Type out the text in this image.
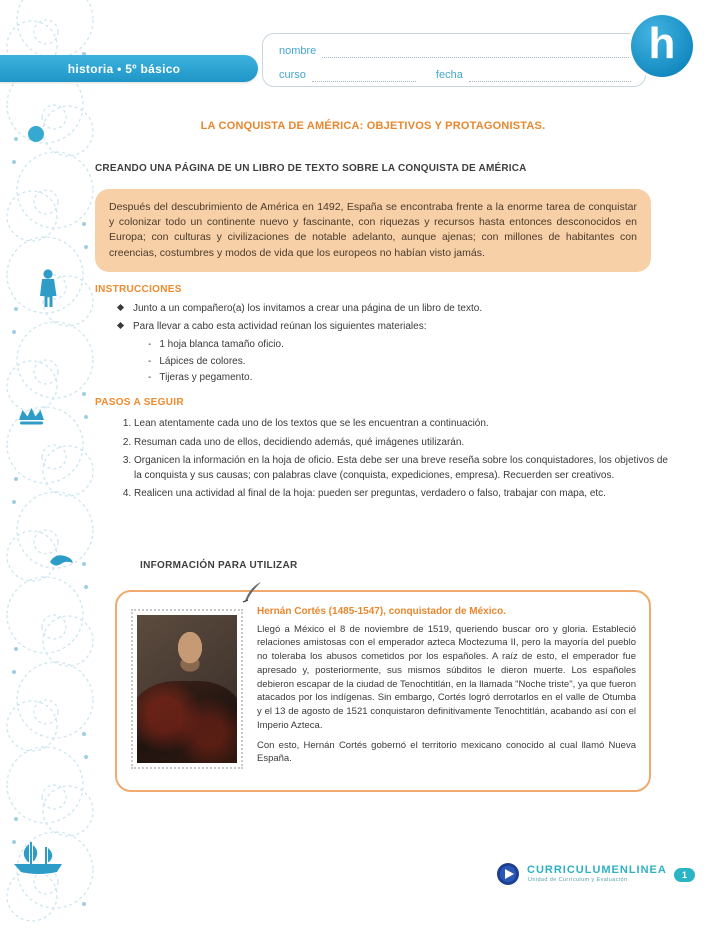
historia • 5º básico
nombre
curso	fecha
h
LA CONQUISTA DE AMÉRICA: OBJETIVOS Y PROTAGONISTAS.
CREANDO UNA PÁGINA DE UN LIBRO DE TEXTO SOBRE LA CONQUISTA DE AMÉRICA
Después del descubrimiento de América en 1492, España se encontraba frente a la enorme tarea de conquistar y colonizar todo un continente nuevo y fascinante, con riquezas y recursos hasta entonces desconocidos en Europa; con culturas y civilizaciones de notable adelanto, aunque ajenas; con millones de habitantes con creencias, costumbres y modos de vida que los europeos no habían visto jamás.
INSTRUCCIONES
Junto a un compañero(a) los invitamos a crear una página de un libro de texto.
Para llevar a cabo esta actividad reúnan los siguientes materiales:
- 1 hoja blanca tamaño oficio.
- Lápices de colores.
- Tijeras y pegamento.
PASOS A SEGUIR
1. Lean atentamente cada uno de los textos que se les encuentran a continuación.
2. Resuman cada uno de ellos, decidiendo además, qué imágenes utilizarán.
3. Organicen la información en la hoja de oficio. Esta debe ser una breve reseña sobre los conquistadores, los objetivos de la conquista y sus causas; con palabras clave (conquista, expediciones, empresa). Recuerden ser creativos.
4. Realicen una actividad al final de la hoja: pueden ser preguntas, verdadero o falso, trabajar con mapa, etc.
INFORMACIÓN PARA UTILIZAR
Hernán Cortés (1485-1547), conquistador de México.

Llegó a México el 8 de noviembre de 1519, queriendo buscar oro y gloria. Estableció relaciones amistosas con el emperador azteca Moctezuma II, pero la mayoría del pueblo no toleraba los abusos cometidos por los españoles. A raíz de esto, el emperador fue apresado y, posteriormente, sus mismos súbditos le dieron muerte. Los españoles debieron escapar de la ciudad de Tenochtitlán, en la llamada "Noche triste", ya que fueron atacados por los indígenas. Sin embargo, Cortés logró derrotarlos en el valle de Otumba y el 13 de agosto de 1521 conquistaron definitivamente Tenochtitlán, acabando así con el Imperio Azteca.

Con esto, Hernán Cortés gobernó el territorio mexicano conocido al cual llamó Nueva España.

CURRICULUMENLINEA
Unidad de Currículum y Evaluación	1
